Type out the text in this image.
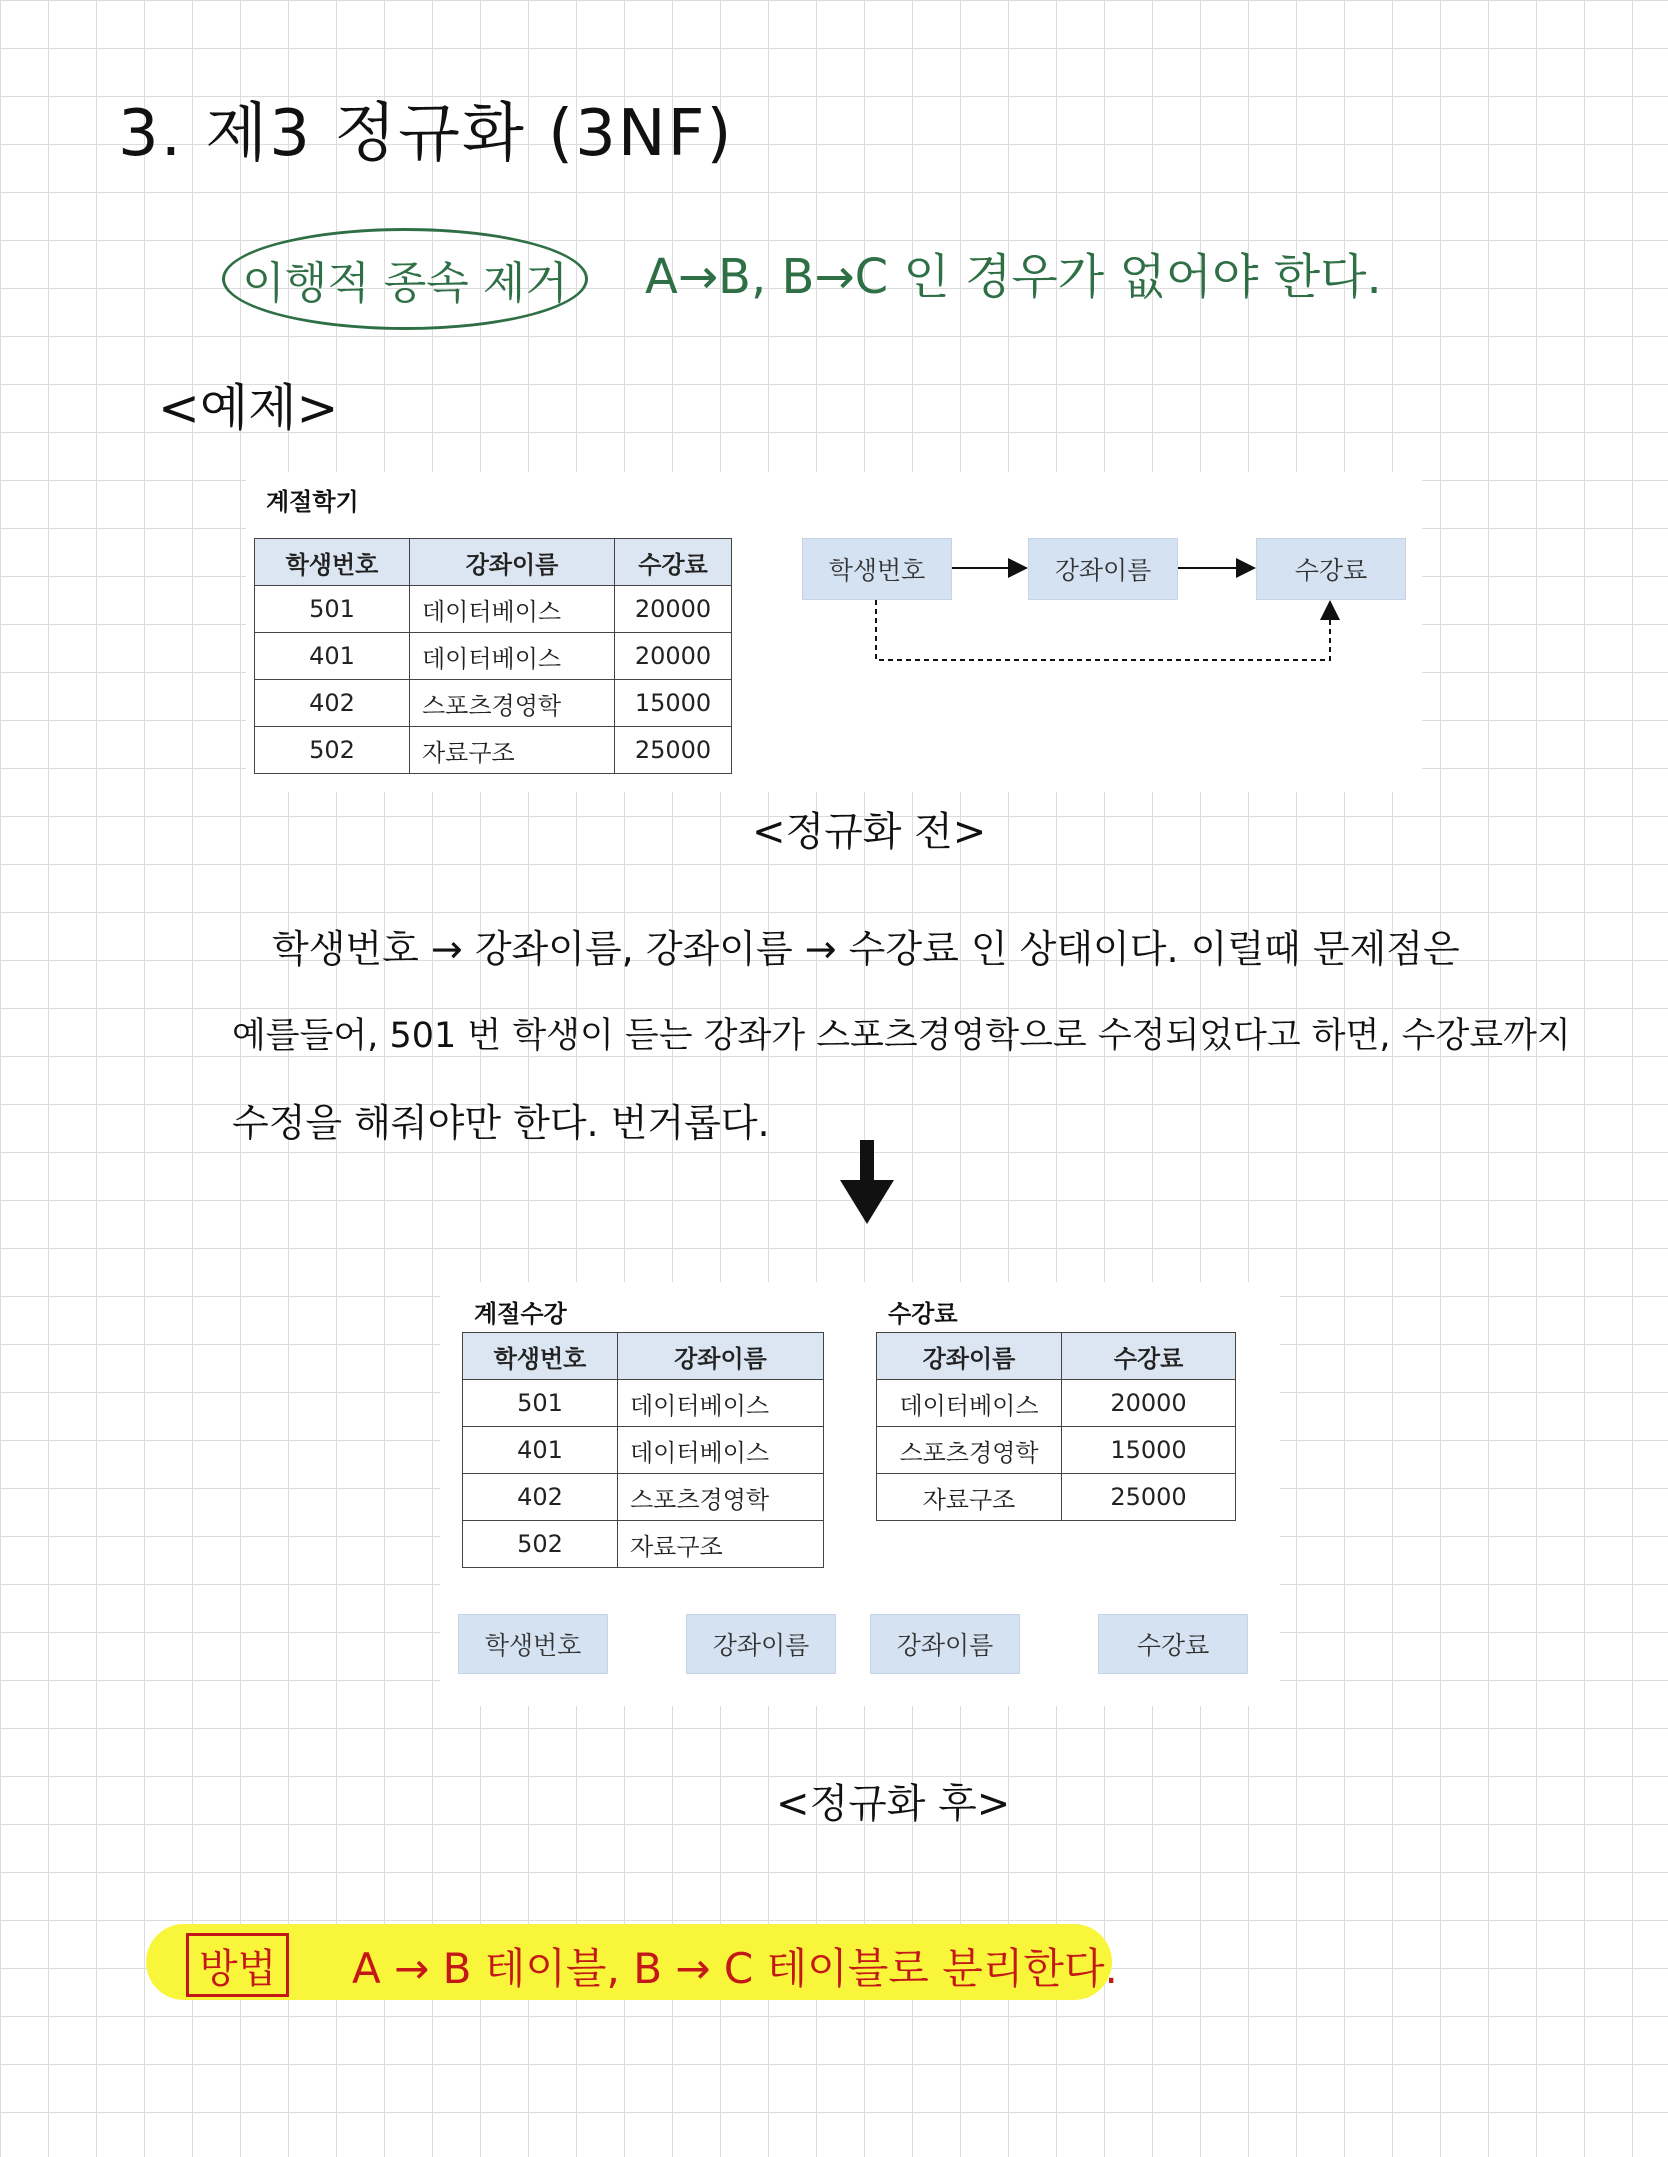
3. 제3 정규화 (3NF)
이행적 종속 제거 A→B, B→C 인 경우가 없어야 한다.
<예제>
계절학기
학생번호	강좌이름	수강료
501	데이터베이스	20000
401	데이터베이스	20000
402	스포츠경영학	15000
502	자료구조	25000
학생번호	강좌이름	수강료
<정규화 전>
학생번호 → 강좌이름, 강좌이름 → 수강료 인 상태이다. 이럴때 문제점은
예를들어, 501 번 학생이 듣는 강좌가 스포츠경영학으로 수정되었다고 하면, 수강료까지
수정을 해줘야만 한다. 번거롭다.
계절수강	수강료
학생번호	강좌이름
501	데이터베이스
401	데이터베이스
402	스포츠경영학
502	자료구조
강좌이름	수강료
데이터베이스	20000
스포츠경영학	15000
자료구조	25000
학생번호	강좌이름	강좌이름	수강료
<정규화 후>
방법	A → B 테이블, B → C 테이블로 분리한다.
